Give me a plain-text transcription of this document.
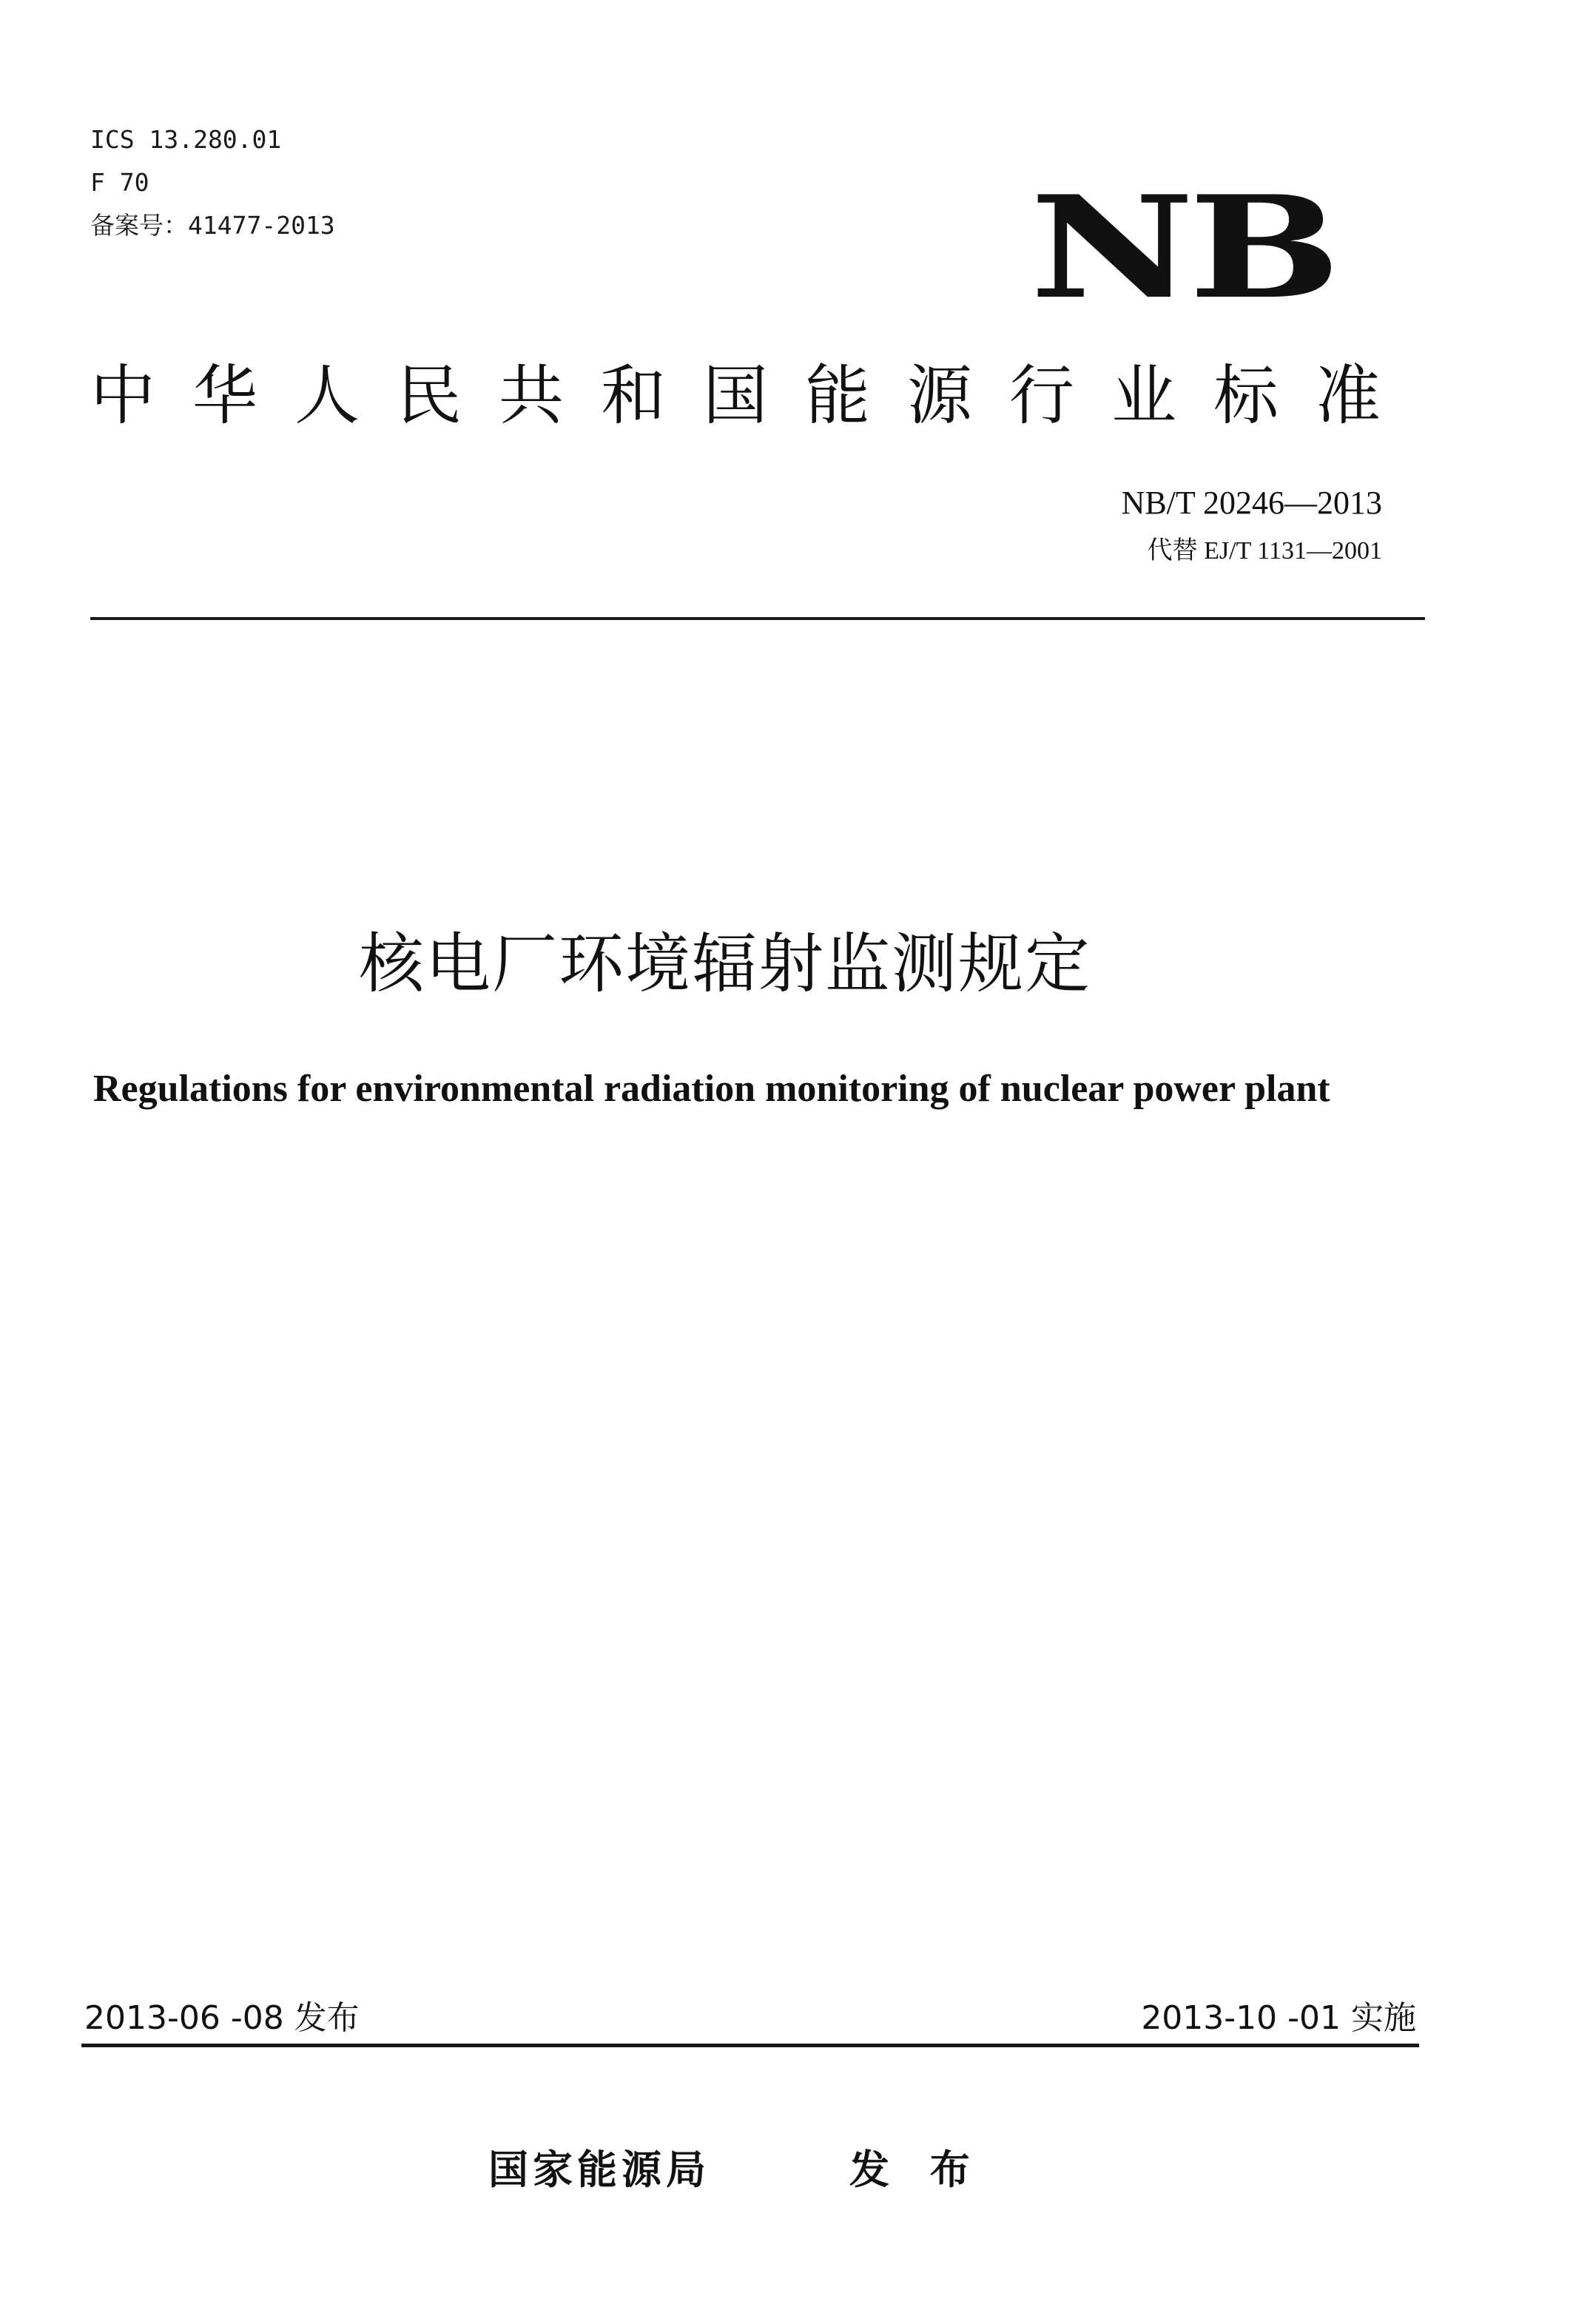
ICS 13.280.01
F 70
备案号：41477-2013	NB
中华人民共和国能源行业标准
NB/T 20246—2013
代替 EJ/T 1131—2001
核电厂环境辐射监测规定
Regulations for environmental radiation monitoring of nuclear power plant
2013-06 -08 发布	2013-10 -01 实施
国家能源局	发 布
